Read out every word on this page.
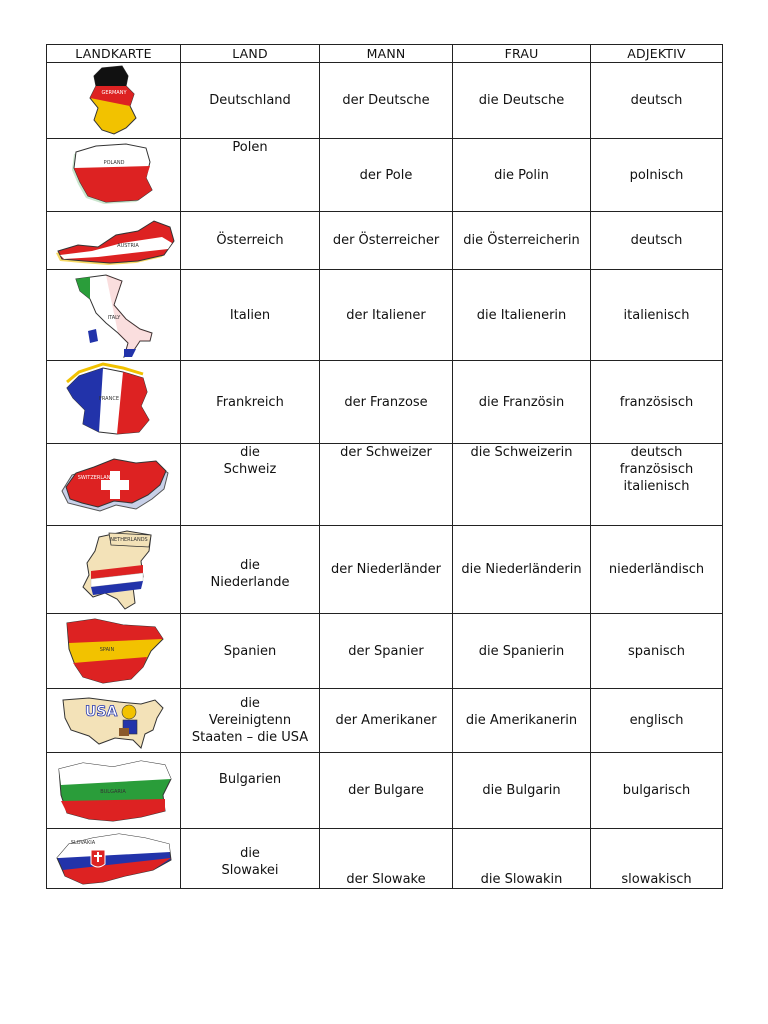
LANDKARTE	LAND	MANN	FRAU	ADJEKTIV

GERMANY	Deutschland	der Deutsche	die Deutsche	deutsch

POLAND	Polen	der Pole	die Polin	polnisch

AUSTRIA	Österreich	der Österreicher	die Österreicherin	deutsch

ITALY	Italien	der Italiener	die Italienerin	italienisch

FRANCE	Frankreich	der Franzose	die Französin	französisch

SWITZERLAND	die
Schweiz	der Schweizer	die Schweizerin	deutsch
französisch
italienisch

NETHERLANDS	die
Niederlande	der Niederländer	die Niederländerin	niederländisch

SPAIN	Spanien	der Spanier	die Spanierin	spanisch

USA	die
Vereinigtenn
Staaten – die USA	der Amerikaner	die Amerikanerin	englisch

BULGARIA	Bulgarien	der Bulgare	die Bulgarin	bulgarisch

SLOVAKIA	die
Slowakei	der Slowake	die Slowakin	slowakisch
